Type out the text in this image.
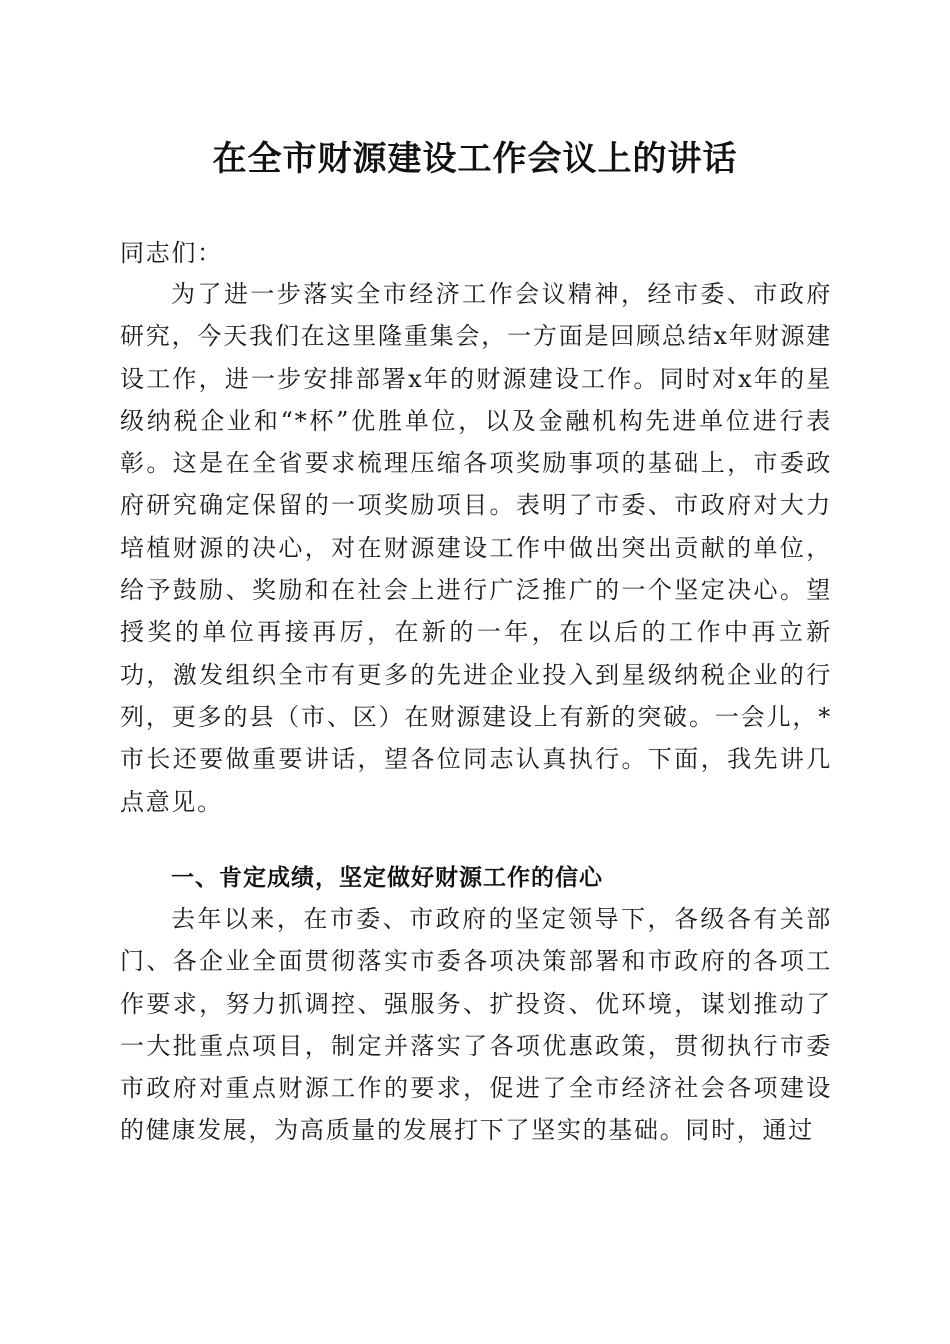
在全市财源建设工作会议上的讲话

同志们：

为了进一步落实全市经济工作会议精神，经市委、市政府研究，今天我们在这里隆重集会，一方面是回顾总结x年财源建设工作，进一步安排部署x年的财源建设工作。同时对x年的星级纳税企业和“*杯”优胜单位，以及金融机构先进单位进行表彰。这是在全省要求梳理压缩各项奖励事项的基础上，市委政府研究确定保留的一项奖励项目。表明了市委、市政府对大力培植财源的决心，对在财源建设工作中做出突出贡献的单位，给予鼓励、奖励和在社会上进行广泛推广的一个坚定决心。望授奖的单位再接再厉，在新的一年，在以后的工作中再立新功，激发组织全市有更多的先进企业投入到星级纳税企业的行列，更多的县（市、区）在财源建设上有新的突破。一会儿，*市长还要做重要讲话，望各位同志认真执行。下面，我先讲几点意见。

一、肯定成绩，坚定做好财源工作的信心

去年以来，在市委、市政府的坚定领导下，各级各有关部门、各企业全面贯彻落实市委各项决策部署和市政府的各项工作要求，努力抓调控、强服务、扩投资、优环境，谋划推动了一大批重点项目，制定并落实了各项优惠政策，贯彻执行市委市政府对重点财源工作的要求，促进了全市经济社会各项建设的健康发展，为高质量的发展打下了坚实的基础。同时，通过
